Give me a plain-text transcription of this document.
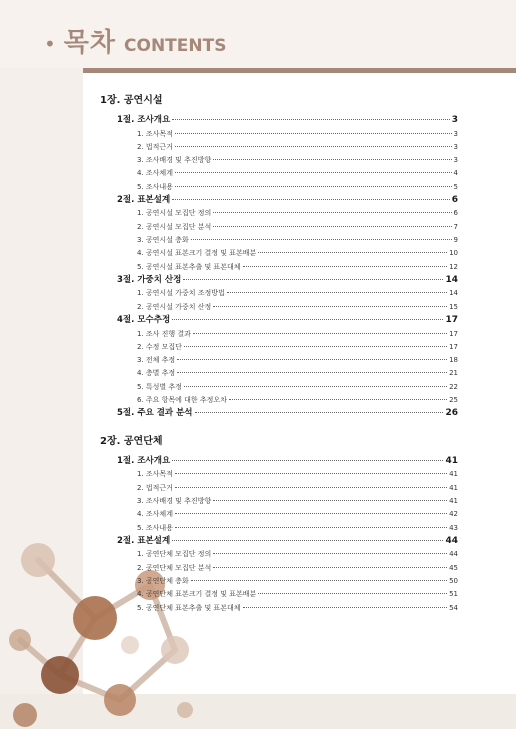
• 목차 CONTENTS
1장. 공연시설
1절. 조사개요	3
1. 조사목적	3
2. 법적근거	3
3. 조사배경 및 추진방향	3
4. 조사체계	4
5. 조사내용	5
2절. 표본설계	6
1. 공연시설 모집단 정의	6
2. 공연시설 모집단 분석	7
3. 공연시설 층화	9
4. 공연시설 표본크기 결정 및 표본배분	10
5. 공연시설 표본추출 및 표본대체	12
3절. 가중치 산정	14
1. 공연시설 가중치 조정방법	14
2. 공연시설 가중치 산정	15
4절. 모수추정	17
1. 조사 진행 결과	17
2. 수정 모집단	17
3. 전체 추정	18
4. 층별 추정	21
5. 특성별 추정	22
6. 주요 항목에 대한 추정오차	25
5절. 주요 결과 분석	26
2장. 공연단체
1절. 조사개요	41
1. 조사목적	41
2. 법적근거	41
3. 조사배경 및 추진방향	41
4. 조사체계	42
5. 조사내용	43
2절. 표본설계	44
1. 공연단체 모집단 정의	44
2. 공연단체 모집단 분석	45
3. 공연단체 층화	50
4. 공연단체 표본크기 결정 및 표본배분	51
5. 공연단체 표본추출 및 표본대체	54
